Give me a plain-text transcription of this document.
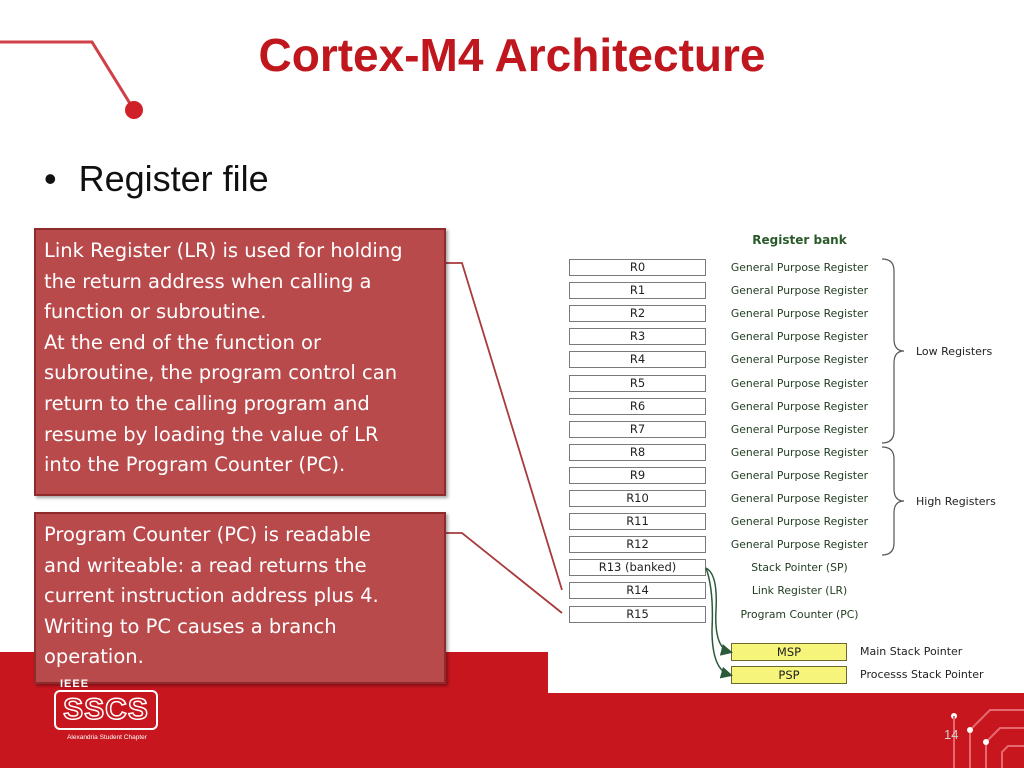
Cortex-M4 Architecture
• Register file
Register bank
R0	General Purpose Register
R1	General Purpose Register
R2	General Purpose Register
R3	General Purpose Register
R4	General Purpose Register
R5	General Purpose Register
R6	General Purpose Register
R7	General Purpose Register
R8	General Purpose Register
R9	General Purpose Register
R10	General Purpose Register
R11	General Purpose Register
R12	General Purpose Register
R13 (banked)	Stack Pointer (SP)
R14	Link Register (LR)
R15	Program Counter (PC)
Low Registers
High Registers
MSP	Main Stack Pointer
PSP	Processs Stack Pointer
Link Register (LR) is used for holding
the return address when calling a
function or subroutine.
At the end of the function or
subroutine, the program control can
return to the calling program and
resume by loading the value of LR
into the Program Counter (PC).
Program Counter (PC) is readable
and writeable: a read returns the
current instruction address plus 4.
Writing to PC causes a branch
operation.
14
IEEE
SSCS
Alexandria Student Chapter
